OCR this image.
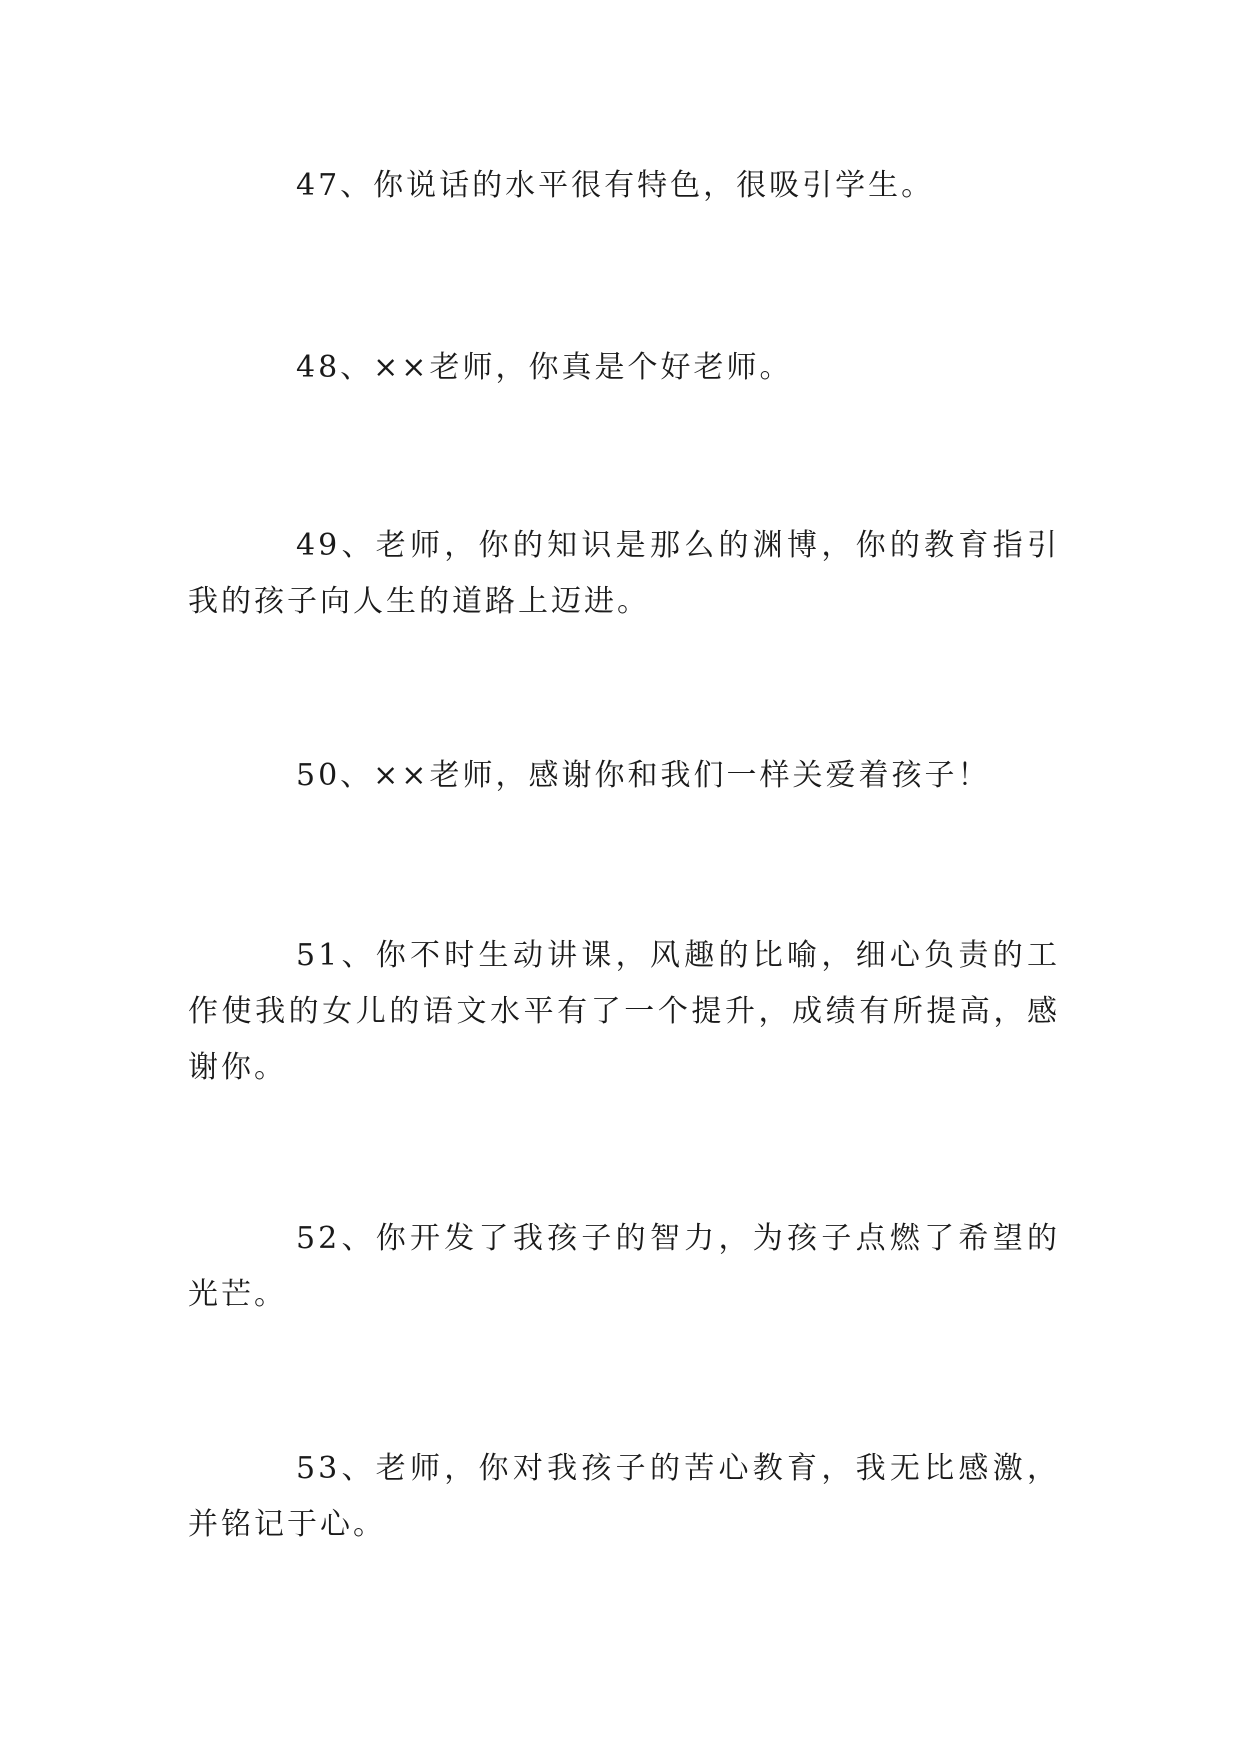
47、你说话的水平很有特色，很吸引学生。

48、××老师，你真是个好老师。

49、老师，你的知识是那么的渊博，你的教育指引我的孩子向人生的道路上迈进。

50、××老师，感谢你和我们一样关爱着孩子！

51、你不时生动讲课，风趣的比喻，细心负责的工作使我的女儿的语文水平有了一个提升，成绩有所提高，感谢你。

52、你开发了我孩子的智力，为孩子点燃了希望的光芒。

53、老师，你对我孩子的苦心教育，我无比感激，并铭记于心。
